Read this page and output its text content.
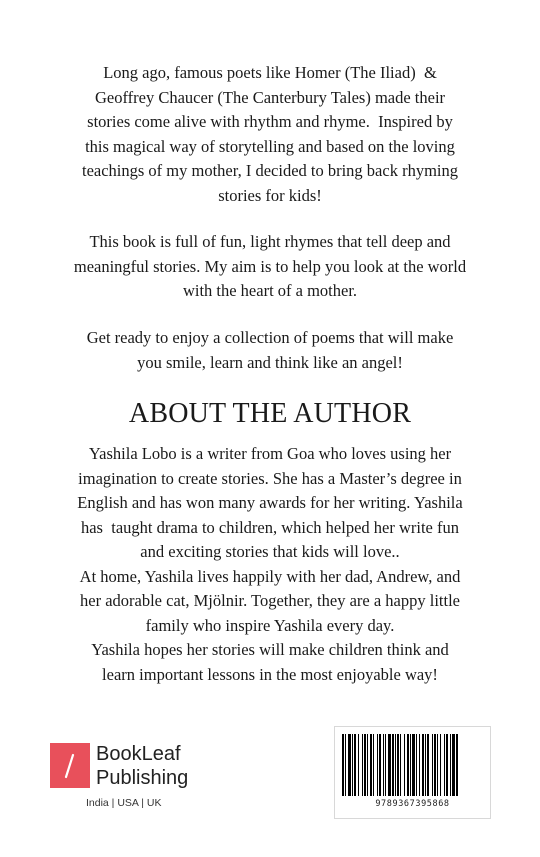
Long ago, famous poets like Homer (The Iliad)  &
Geoffrey Chaucer (The Canterbury Tales) made their
stories come alive with rhythm and rhyme.  Inspired by
this magical way of storytelling and based on the loving
teachings of my mother, I decided to bring back rhyming
stories for kids!
This book is full of fun, light rhymes that tell deep and
meaningful stories. My aim is to help you look at the world
with the heart of a mother.
Get ready to enjoy a collection of poems that will make
you smile, learn and think like an angel!
ABOUT THE AUTHOR
Yashila Lobo is a writer from Goa who loves using her
imagination to create stories. She has a Master’s degree in
English and has won many awards for her writing. Yashila
has  taught drama to children, which helped her write fun
and exciting stories that kids will love..
At home, Yashila lives happily with her dad, Andrew, and
her adorable cat, Mjölnir. Together, they are a happy little
family who inspire Yashila every day.
Yashila hopes her stories will make children think and
learn important lessons in the most enjoyable way!
BookLeaf
Publishing
India | USA | UK	9789367395868
